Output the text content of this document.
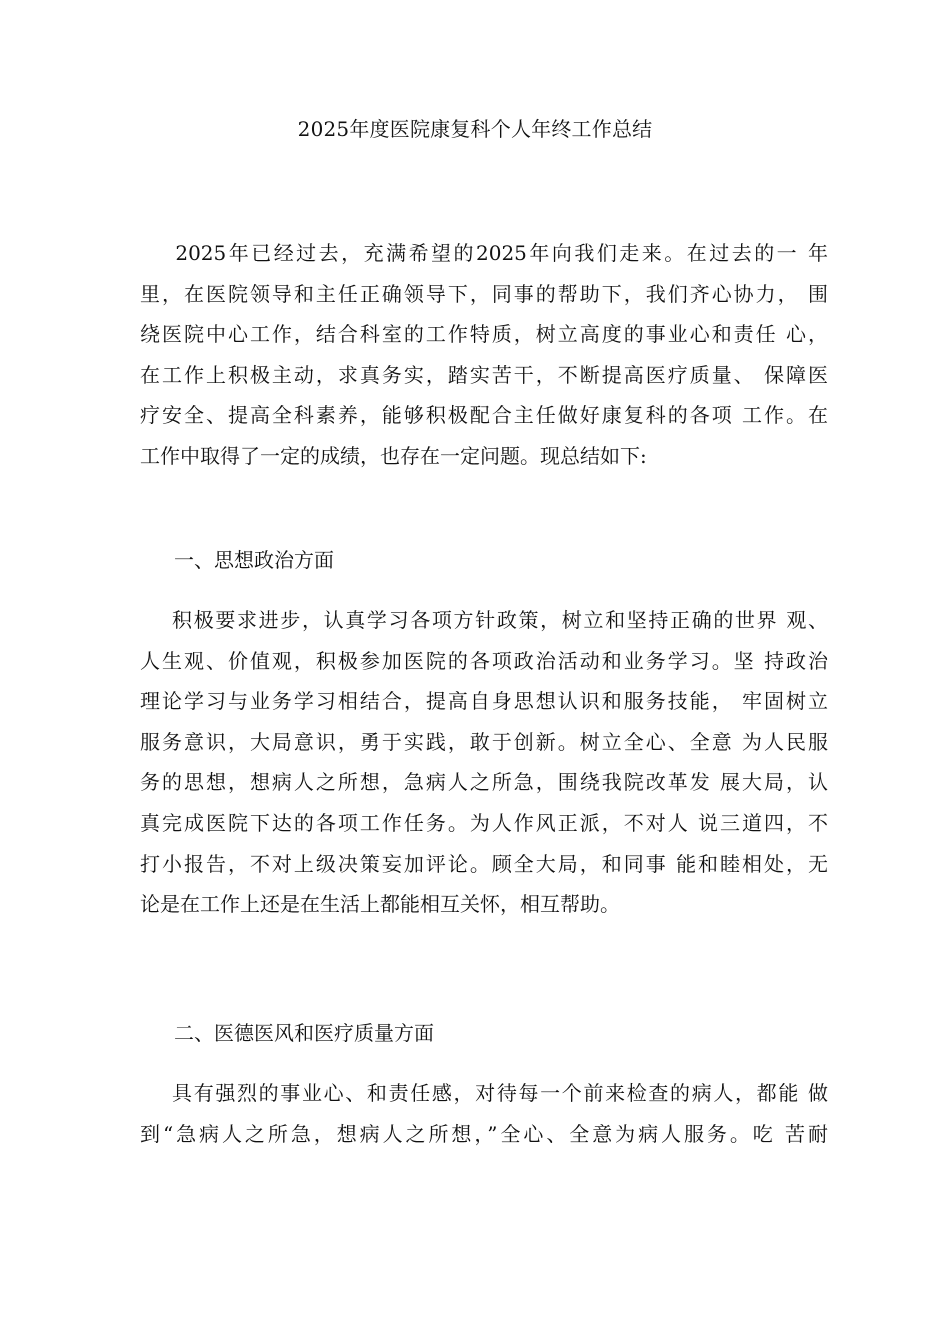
2025年度医院康复科个人年终工作总结
2025年已经过去，充满希望的2025年向我们走来。在过去的一 年
里，在医院领导和主任正确领导下，同事的帮助下，我们齐心协力， 围
绕医院中心工作，结合科室的工作特质，树立高度的事业心和责任 心，
在工作上积极主动，求真务实，踏实苦干，不断提高医疗质量、 保障医
疗安全、提高全科素养，能够积极配合主任做好康复科的各项 工作。在
工作中取得了一定的成绩，也存在一定问题。现总结如下:
一、思想政治方面
积极要求进步，认真学习各项方针政策，树立和坚持正确的世界 观、
人生观、价值观，积极参加医院的各项政治活动和业务学习。坚 持政治
理论学习与业务学习相结合，提高自身思想认识和服务技能， 牢固树立
服务意识，大局意识，勇于实践，敢于创新。树立全心、全意 为人民服
务的思想，想病人之所想，急病人之所急，围绕我院改革发 展大局，认
真完成医院下达的各项工作任务。为人作风正派，不对人 说三道四，不
打小报告，不对上级决策妄加评论。顾全大局，和同事 能和睦相处，无
论是在工作上还是在生活上都能相互关怀，相互帮助。
二、医德医风和医疗质量方面
具有强烈的事业心、和责任感，对待每一个前来检查的病人，都能 做
到“急病人之所急，想病人之所想，”全心、全意为病人服务。吃 苦耐
